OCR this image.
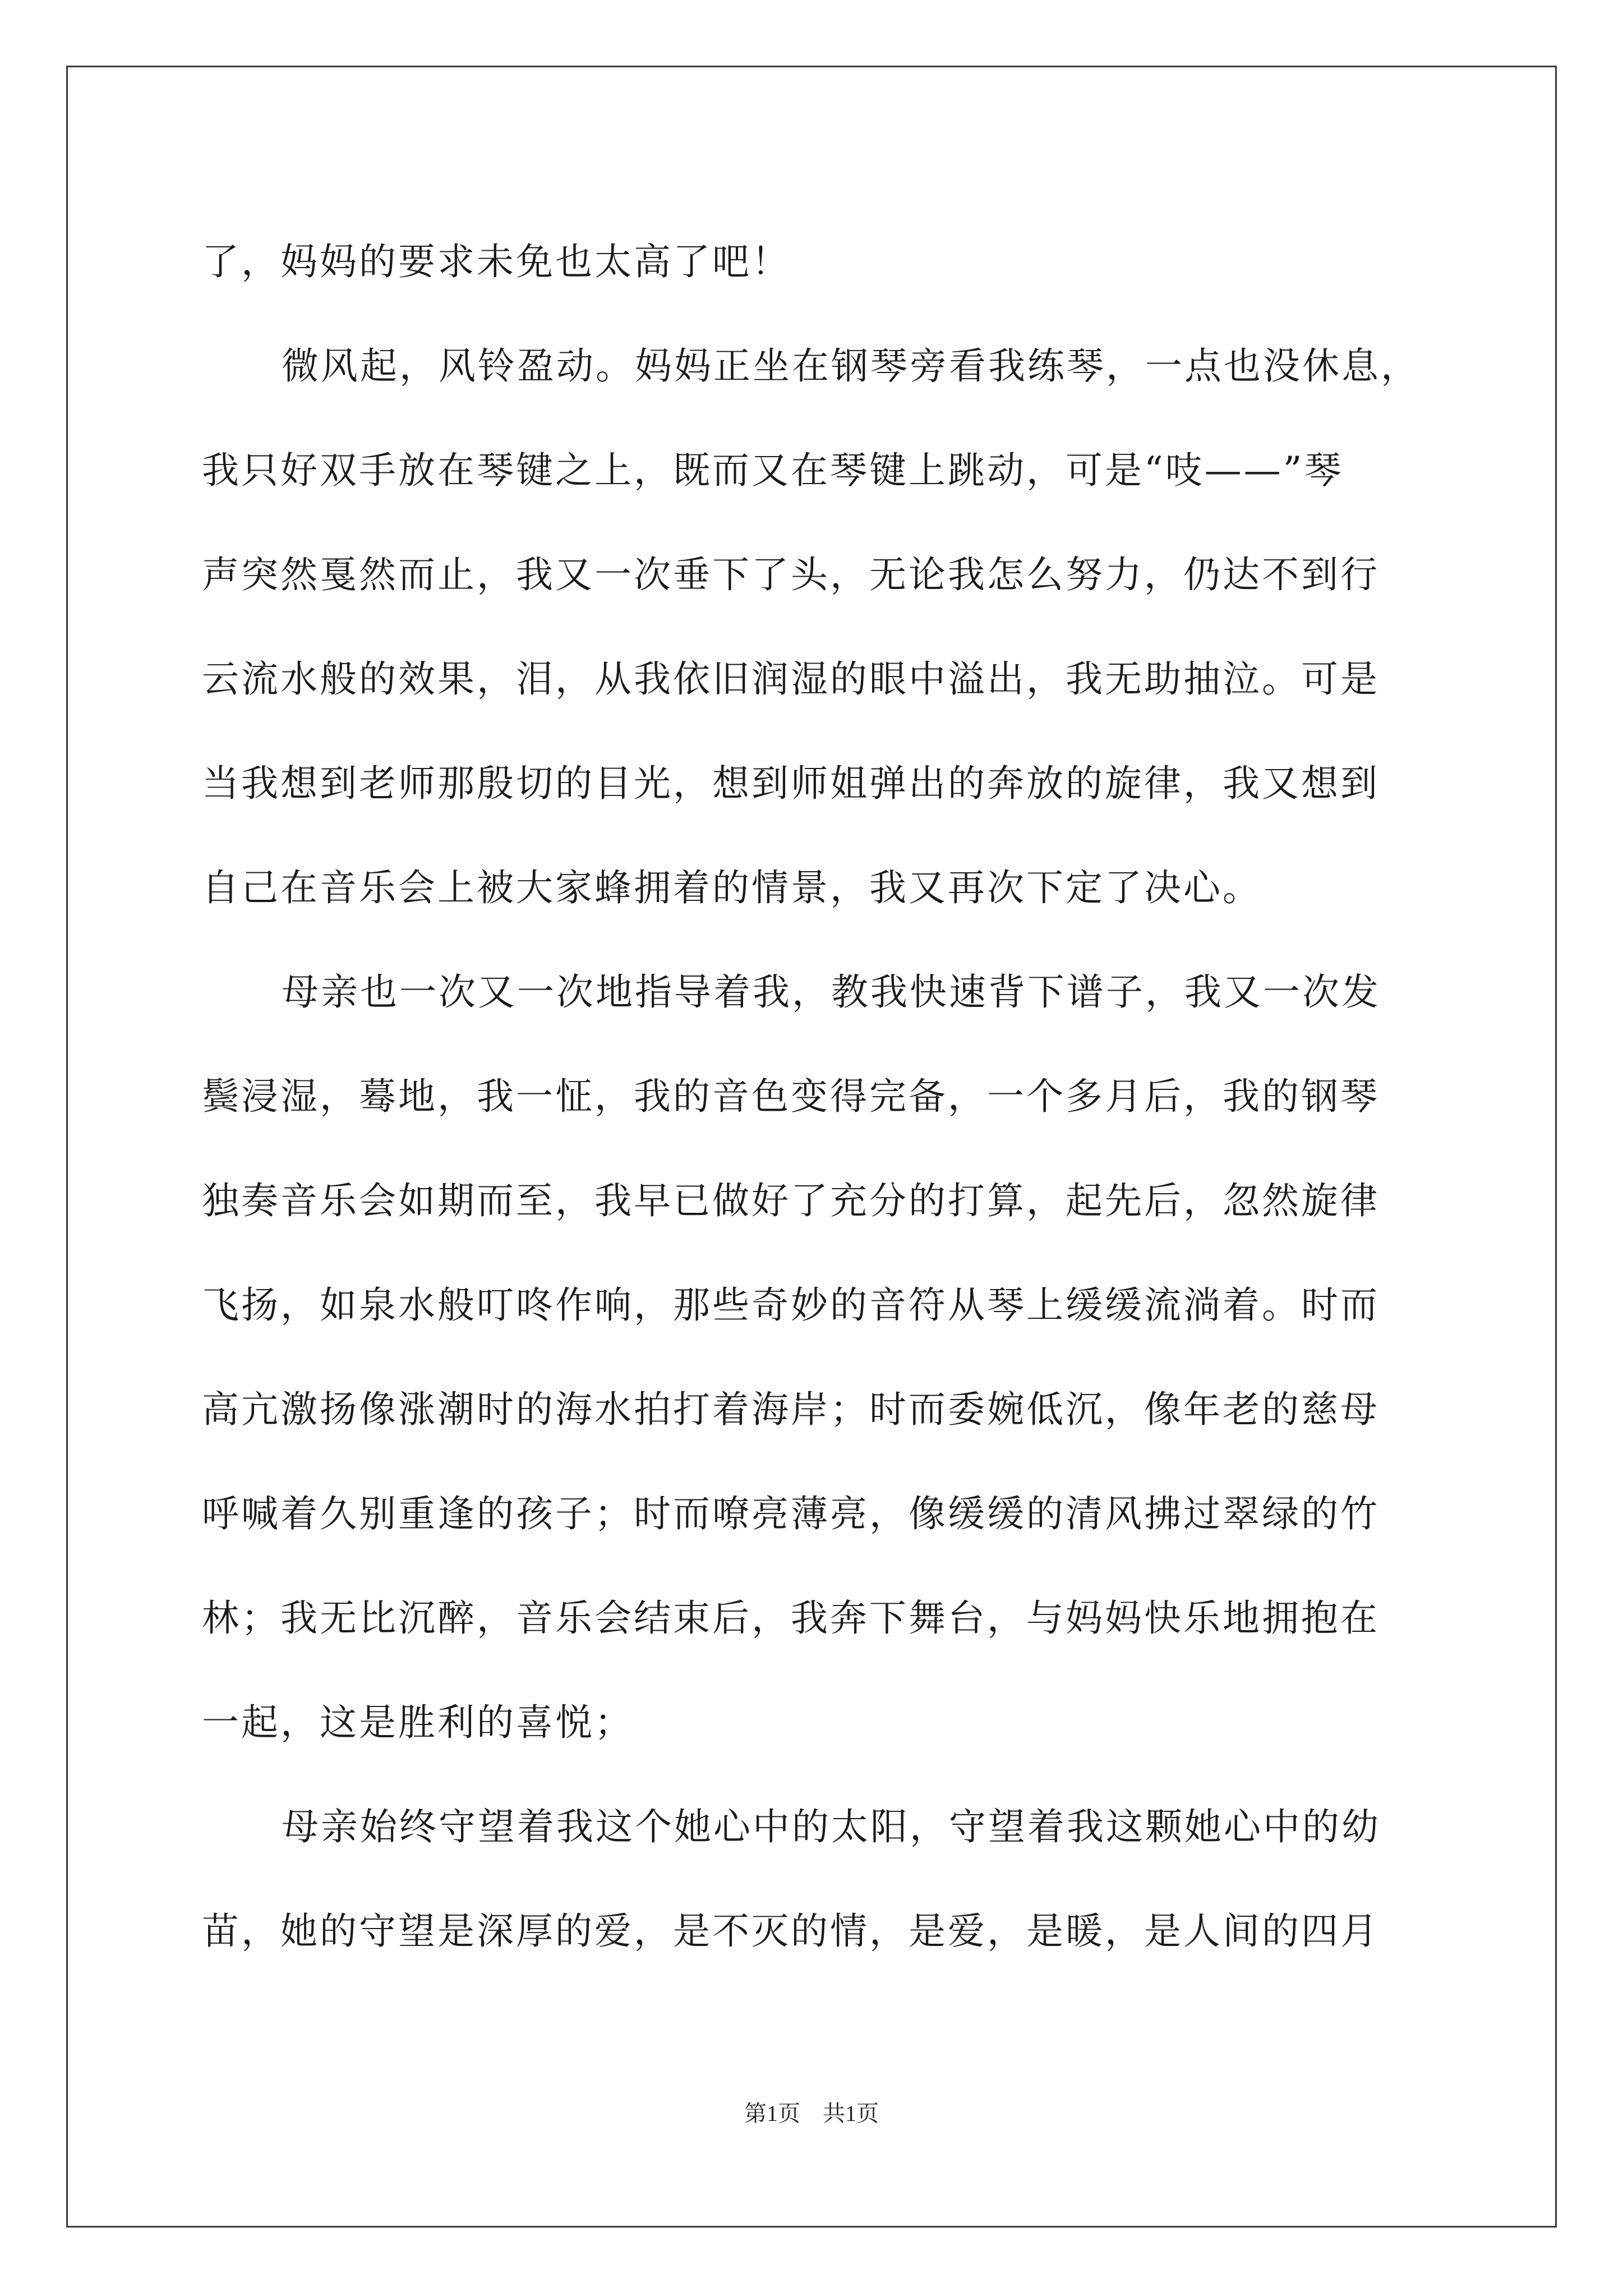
了，妈妈的要求未免也太高了吧！
微风起，风铃盈动。妈妈正坐在钢琴旁看我练琴，一点也没休息，
我只好双手放在琴键之上，既而又在琴键上跳动，可是“吱——”琴
声突然戛然而止，我又一次垂下了头，无论我怎么努力，仍达不到行
云流水般的效果，泪，从我依旧润湿的眼中溢出，我无助抽泣。可是
当我想到老师那殷切的目光，想到师姐弹出的奔放的旋律，我又想到
自己在音乐会上被大家蜂拥着的情景，我又再次下定了决心。
母亲也一次又一次地指导着我，教我快速背下谱子，我又一次发
鬓浸湿，蓦地，我一怔，我的音色变得完备，一个多月后，我的钢琴
独奏音乐会如期而至，我早已做好了充分的打算，起先后，忽然旋律
飞扬，如泉水般叮咚作响，那些奇妙的音符从琴上缓缓流淌着。时而
高亢激扬像涨潮时的海水拍打着海岸；时而委婉低沉，像年老的慈母
呼喊着久别重逢的孩子；时而嘹亮薄亮，像缓缓的清风拂过翠绿的竹
林；我无比沉醉，音乐会结束后，我奔下舞台，与妈妈快乐地拥抱在
一起，这是胜利的喜悦；
母亲始终守望着我这个她心中的太阳，守望着我这颗她心中的幼
苗，她的守望是深厚的爱，是不灭的情，是爱，是暖，是人间的四月
第1页 共1页
